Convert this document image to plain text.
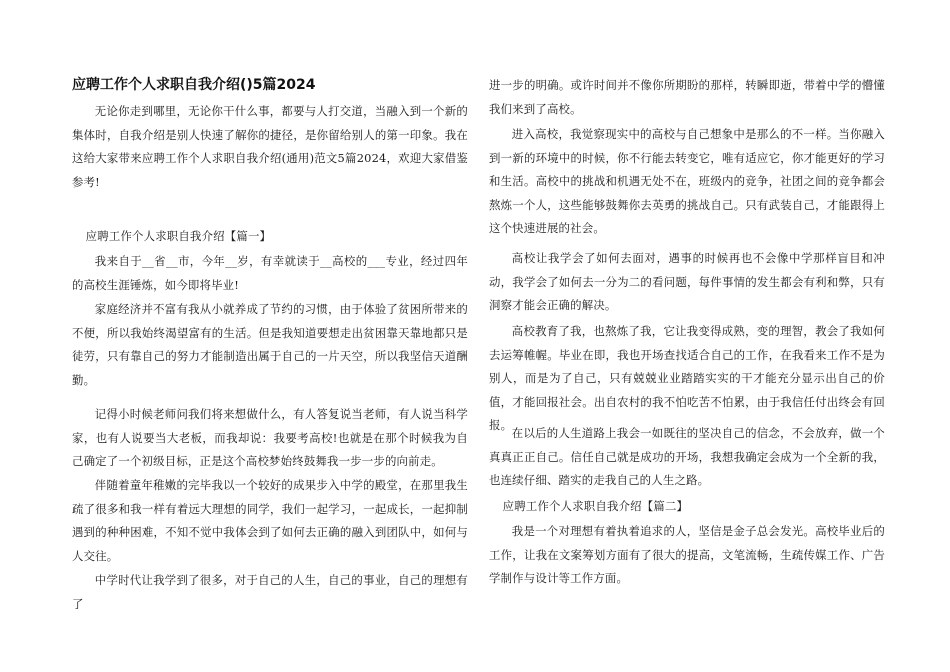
应聘工作个人求职自我介绍()5篇2024
无论你走到哪里，无论你干什么事，都要与人打交道，当融入到一个新的集体时，自我介绍是别人快速了解你的捷径，是你留给别人的第一印象。我在这给大家带来应聘工作个人求职自我介绍(通用)范文5篇2024，欢迎大家借鉴参考!
应聘工作个人求职自我介绍【篇一】
我来自于__省__市，今年__岁，有幸就读于__高校的___专业，经过四年的高校生涯锤炼，如今即将毕业!
家庭经济并不富有我从小就养成了节约的习惯，由于体验了贫困所带来的不便，所以我始终渴望富有的生活。但是我知道要想走出贫困靠天靠地都只是徒劳，只有靠自己的努力才能制造出属于自己的一片天空，所以我坚信天道酬勤。
记得小时候老师问我们将来想做什么，有人答复说当老师，有人说当科学家，也有人说要当大老板，而我却说：我要考高校!也就是在那个时候我为自己确定了一个初级目标，正是这个高校梦始终鼓舞我一步一步的向前走。
伴随着童年稚嫩的完毕我以一个较好的成果步入中学的殿堂，在那里我生疏了很多和我一样有着远大理想的同学，我们一起学习，一起成长，一起抑制遇到的种种困难，不知不觉中我体会到了如何去正确的融入到团队中，如何与人交往。
中学时代让我学到了很多，对于自己的人生，自己的事业，自己的理想有了
进一步的明确。或许时间并不像你所期盼的那样，转瞬即逝，带着中学的懵懂我们来到了高校。
进入高校，我觉察现实中的高校与自己想象中是那么的不一样。当你融入到一新的环境中的时候，你不行能去转变它，唯有适应它，你才能更好的学习和生活。高校中的挑战和机遇无处不在，班级内的竞争，社团之间的竞争都会熬炼一个人，这些能够鼓舞你去英勇的挑战自己。只有武装自己，才能跟得上这个快速进展的社会。
高校让我学会了如何去面对，遇事的时候再也不会像中学那样盲目和冲动，我学会了如何去一分为二的看问题，每件事情的发生都会有利和弊，只有洞察才能会正确的解决。
高校教育了我，也熬炼了我，它让我变得成熟，变的理智，教会了我如何去运筹帷幄。毕业在即，我也开场查找适合自己的工作，在我看来工作不是为别人，而是为了自己，只有兢兢业业踏踏实实的干才能充分显示出自己的价值，才能回报社会。出自农村的我不怕吃苦不怕累，由于我信任付出终会有回报。
在以后的人生道路上我会一如既往的坚决自己的信念，不会放弃，做一个真真正正自己。信任自己就是成功的开场，我想我确定会成为一个全新的我，也连续仔细、踏实的走我自己的人生之路。
应聘工作个人求职自我介绍【篇二】
我是一个对理想有着执着追求的人，坚信是金子总会发光。高校毕业后的工作，让我在文案筹划方面有了很大的提高，文笔流畅，生疏传媒工作、广告学制作与设计等工作方面。
